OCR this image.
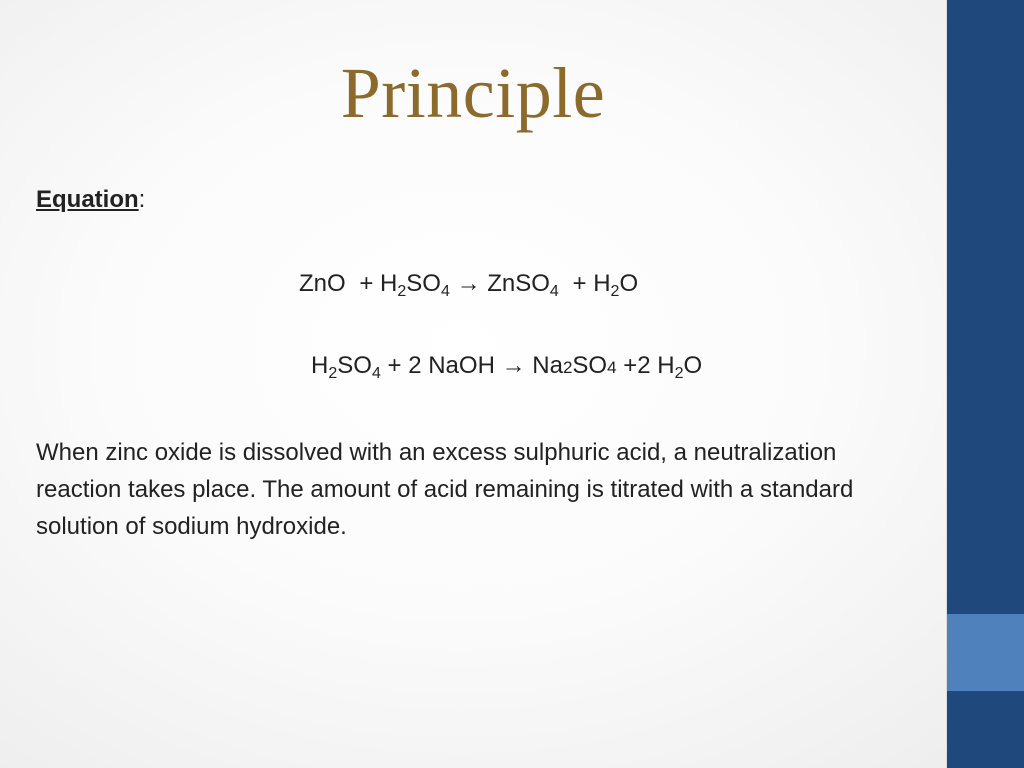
Principle
Equation:
ZnO + $H_2SO_4$ → ZnSO$_4$ + $H_2O$
$H_2SO_4 + 2$ NaOH → Na2SO4 +2 $H_2O$
When zinc oxide is dissolved with an excess sulphuric acid, a neutralization reaction takes place. The amount of acid remaining is titrated with a standard solution of sodium hydroxide.
